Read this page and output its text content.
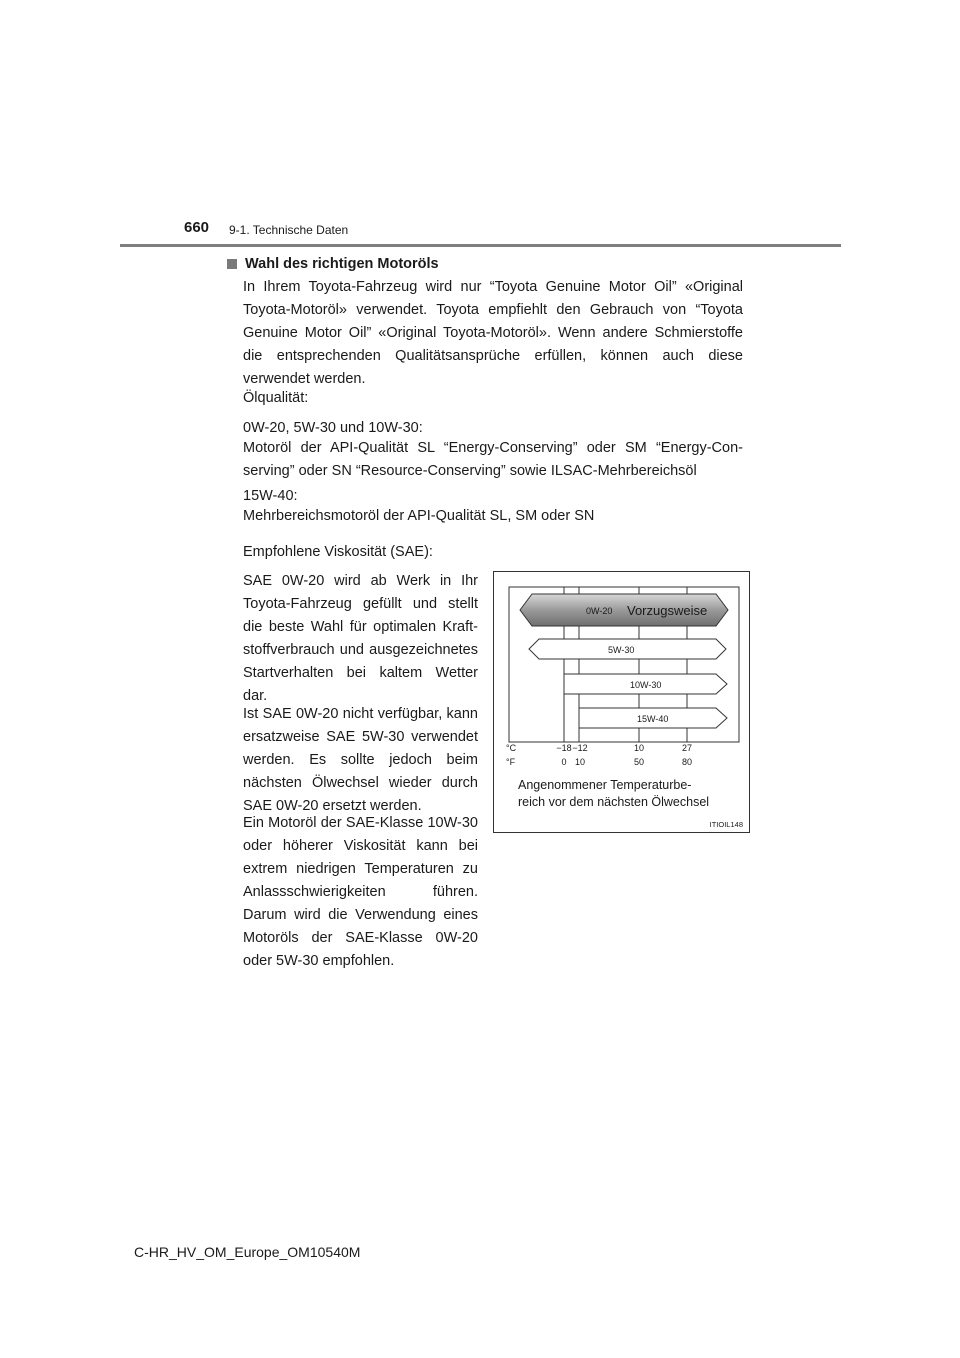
660 9-1. Technische Daten
Wahl des richtigen Motoröls
In Ihrem Toyota-Fahrzeug wird nur “Toyota Genuine Motor Oil” «Original Toyota-Motoröl» verwendet. Toyota empfiehlt den Gebrauch von “Toyota Genuine Motor Oil” «Original Toyota-Motoröl». Wenn andere Schmierstoffe die entsprechenden Qualitätsansprüche erfüllen, können auch diese verwendet werden.
Ölqualität:
0W-20, 5W-30 und 10W-30:
Motoröl der API-Qualität SL “Energy-Conserving” oder SM “Energy-Conserving” oder SN “Resource-Conserving” sowie ILSAC-Mehrbereichsöl
15W-40:
Mehrbereichsmotoröl der API-Qualität SL, SM oder SN
Empfohlene Viskosität (SAE):
SAE 0W-20 wird ab Werk in Ihr Toyota-Fahrzeug gefüllt und stellt die beste Wahl für optimalen Kraftstoffverbrauch und ausgezeichnetes Startverhalten bei kaltem Wetter dar.
Ist SAE 0W-20 nicht verfügbar, kann ersatzweise SAE 5W-30 verwendet werden. Es sollte jedoch beim nächsten Ölwechsel wieder durch SAE 0W-20 ersetzt werden.
Ein Motoröl der SAE-Klasse 10W-30 oder höherer Viskosität kann bei extrem niedrigen Temperaturen zu Anlassschwierigkeiten führen. Darum wird die Verwendung eines Motoröls der SAE-Klasse 0W-20 oder 5W-30 empfohlen.
0W-20 Vorzugsweise
5W-30
10W-30
15W-40
°C
°F
−18 −12	10	27
0 10	50	80
Angenommener Temperaturbe-
reich vor dem nächsten Ölwechsel
ITIOIL148
C-HR_HV_OM_Europe_OM10540M
